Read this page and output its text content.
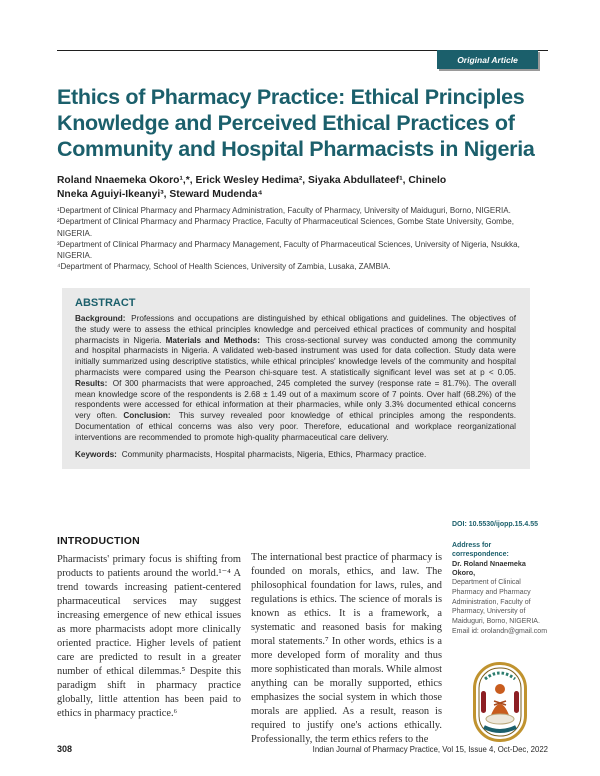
Original Article
Ethics of Pharmacy Practice: Ethical Principles Knowledge and Perceived Ethical Practices of Community and Hospital Pharmacists in Nigeria
Roland Nnaemeka Okoro¹,*, Erick Wesley Hedima², Siyaka Abdullateef¹, Chinelo Nneka Aguiyi-Ikeanyi³, Steward Mudenda⁴
¹Department of Clinical Pharmacy and Pharmacy Administration, Faculty of Pharmacy, University of Maiduguri, Borno, NIGERIA.
²Department of Clinical Pharmacy and Pharmacy Practice, Faculty of Pharmaceutical Sciences, Gombe State University, Gombe, NIGERIA.
³Department of Clinical Pharmacy and Pharmacy Management, Faculty of Pharmaceutical Sciences, University of Nigeria, Nsukka, NIGERIA.
⁴Department of Pharmacy, School of Health Sciences, University of Zambia, Lusaka, ZAMBIA.
ABSTRACT

Background: Professions and occupations are distinguished by ethical obligations and guidelines. The objectives of the study were to assess the ethical principles knowledge and perceived ethical practices of community and hospital pharmacists in Nigeria. Materials and Methods: This cross-sectional survey was conducted among the community and hospital pharmacists in Nigeria. A validated web-based instrument was used for data collection. Study data were initially summarized using descriptive statistics, while ethical principles' knowledge levels of the community and hospital pharmacists were compared using the Pearson chi-square test. A statistically significant level was set at p < 0.05. Results: Of 300 pharmacists that were approached, 245 completed the survey (response rate = 81.7%). The overall mean knowledge score of the respondents is 2.68 ± 1.49 out of a maximum score of 7 points. Over half (68.2%) of the respondents were accessed for ethical information at their pharmacies, while only 3.3% documented ethical concerns very often. Conclusion: This survey revealed poor knowledge of ethical principles among the respondents. Documentation of ethical concerns was also very poor. Therefore, educational and workplace reorganizational interventions are recommended to promote high-quality pharmaceutical care delivery.

Keywords: Community pharmacists, Hospital pharmacists, Nigeria, Ethics, Pharmacy practice.

INTRODUCTION

Pharmacists' primary focus is shifting from products to patients around the world.¹⁻⁴ A trend towards increasing patient-centered pharmaceutical services may suggest increasing emergence of new ethical issues as more pharmacists adopt more clinically oriented practice. Higher levels of patient care are predicted to result in a greater number of ethical dilemmas.⁵ Despite this paradigm shift in pharmacy practice globally, little attention has been paid to ethics in pharmacy practice.⁶

The international best practice of pharmacy is founded on morals, ethics, and law. The philosophical foundation for laws, rules, and regulations is ethics. The science of morals is known as ethics. It is a framework, a systematic and reasoned basis for making moral statements.⁷ In other words, ethics is a more developed form of morality and thus more sophisticated than morals. While almost anything can be morally supported, ethics emphasizes the social system in which those morals are applied. As a result, reason is required to justify one's actions ethically. Professionally, the term ethics refers to the

DOI: 10.5530/ijopp.15.4.55
Address for correspondence:
Dr. Roland Nnaemeka Okoro,
Department of Clinical Pharmacy and Pharmacy Administration, Faculty of Pharmacy, University of Maiduguri, Borno, NIGERIA.
Email id: orolandn@gmail.com
308	Indian Journal of Pharmacy Practice, Vol 15, Issue 4, Oct-Dec, 2022
